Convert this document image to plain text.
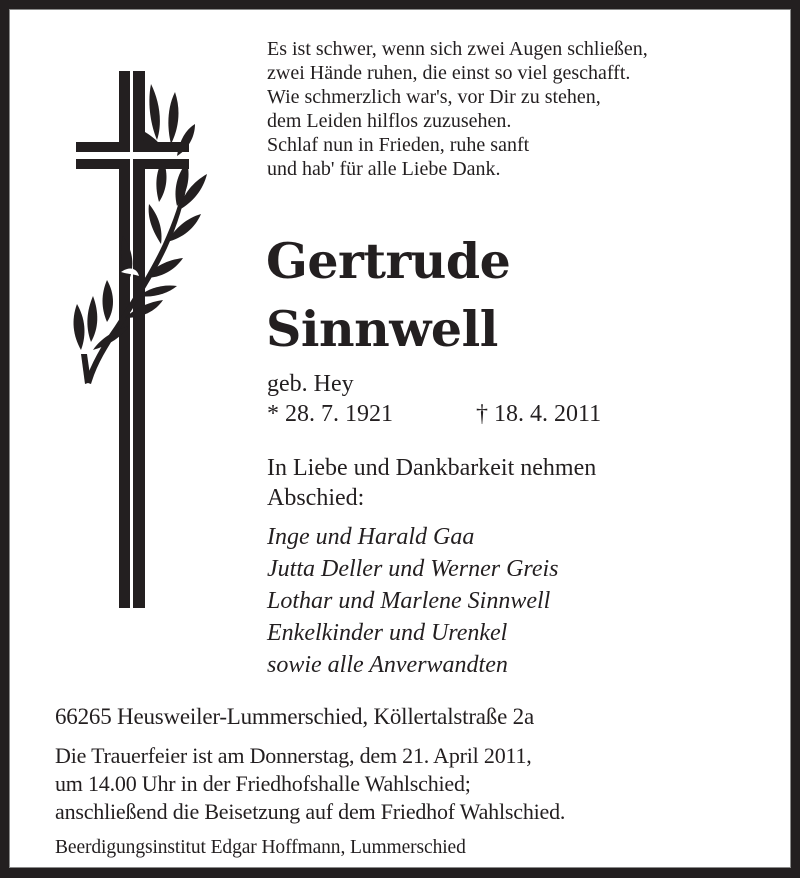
Es ist schwer, wenn sich zwei Augen schließen,
zwei Hände ruhen, die einst so viel geschafft.
Wie schmerzlich war's, vor Dir zu stehen,
dem Leiden hilflos zuzusehen.
Schlaf nun in Frieden, ruhe sanft
und hab' für alle Liebe Dank.
Gertrude
Sinnwell
geb. Hey
* 28. 7. 1921	† 18. 4. 2011
In Liebe und Dankbarkeit nehmen
Abschied:
Inge und Harald Gaa
Jutta Deller und Werner Greis
Lothar und Marlene Sinnwell
Enkelkinder und Urenkel
sowie alle Anverwandten
66265 Heusweiler-Lummerschied, Köllertalstraße 2a
Die Trauerfeier ist am Donnerstag, dem 21. April 2011,
um 14.00 Uhr in der Friedhofshalle Wahlschied;
anschließend die Beisetzung auf dem Friedhof Wahlschied.
Beerdigungsinstitut Edgar Hoffmann, Lummerschied
